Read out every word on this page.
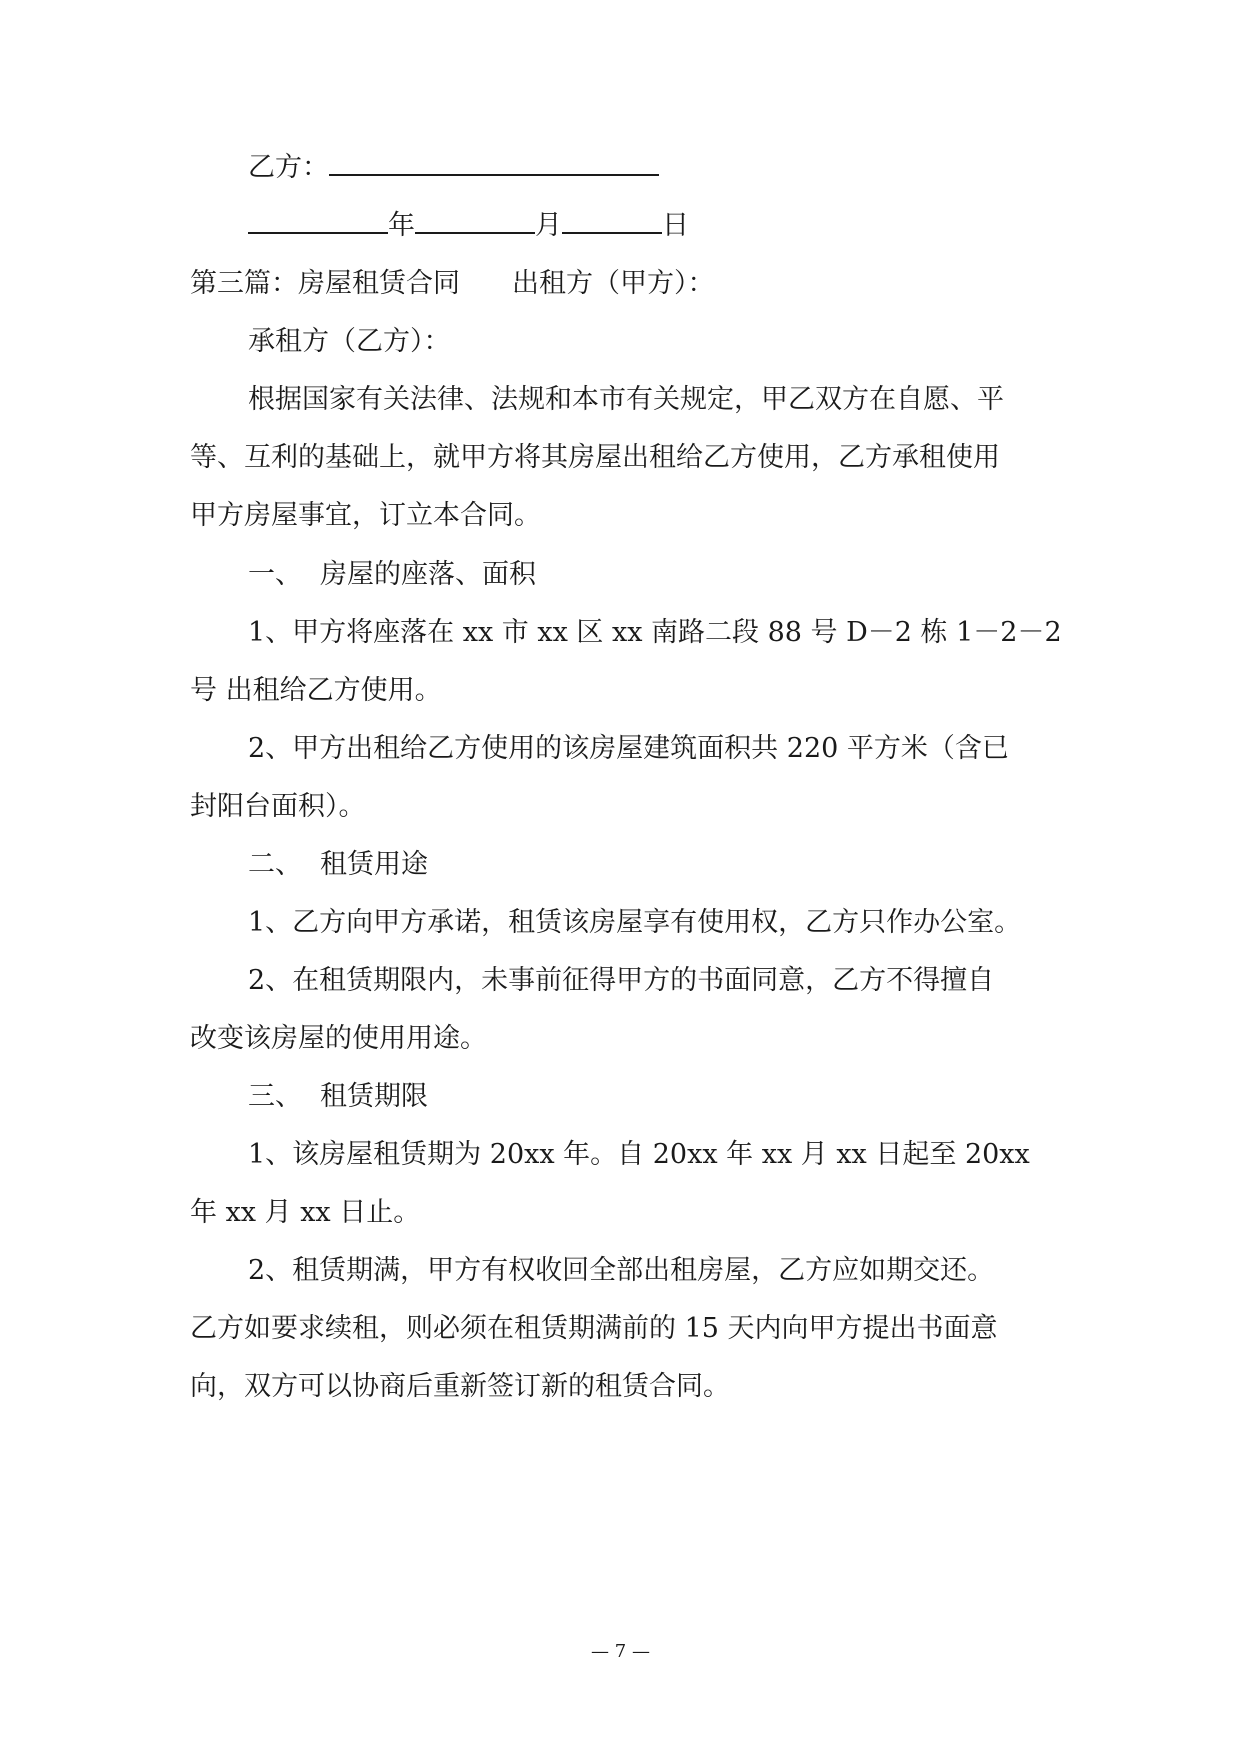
乙方：
年	月	日
第三篇：房屋租赁合同 出租方（甲方）：
承租方（乙方）：
根据国家有关法律、法规和本市有关规定，甲乙双方在自愿、平
等、互利的基础上，就甲方将其房屋出租给乙方使用，乙方承租使用
甲方房屋事宜，订立本合同。
一、 房屋的座落、面积
1、甲方将座落在 xx 市 xx 区 xx 南路二段 88 号 D－2 栋 1－2－2
号 出租给乙方使用。
2、甲方出租给乙方使用的该房屋建筑面积共 220 平方米（含已
封阳台面积）。
二、 租赁用途
1、乙方向甲方承诺，租赁该房屋享有使用权，乙方只作办公室。
2、在租赁期限内，未事前征得甲方的书面同意，乙方不得擅自
改变该房屋的使用用途。
三、 租赁期限
1、该房屋租赁期为 20xx 年。自 20xx 年 xx 月 xx 日起至 20xx
年 xx 月 xx 日止。
2、租赁期满，甲方有权收回全部出租房屋，乙方应如期交还。
乙方如要求续租，则必须在租赁期满前的 15 天内向甲方提出书面意
向，双方可以协商后重新签订新的租赁合同。
— 7 —
